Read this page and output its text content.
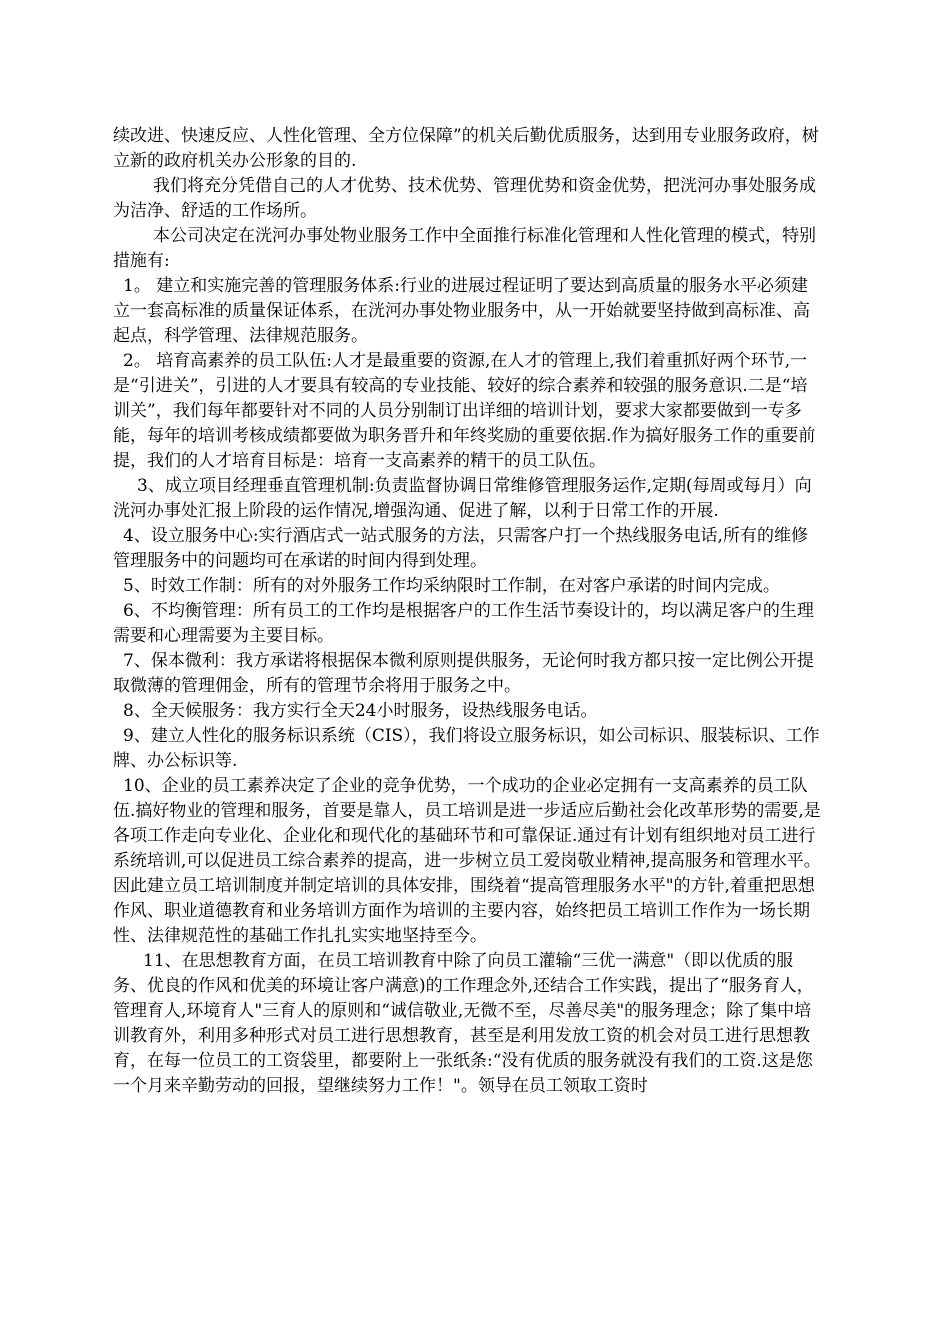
续改进、快速反应、人性化管理、全方位保障”的机关后勤优质服务，达到用专业服务政府，树立新的政府机关办公形象的目的.

我们将充分凭借自己的人才优势、技术优势、管理优势和资金优势，把洸河办事处服务成为洁净、舒适的工作场所。

本公司决定在洸河办事处物业服务工作中全面推行标准化管理和人性化管理的模式，特别措施有:

1。 建立和实施完善的管理服务体系:行业的进展过程证明了要达到高质量的服务水平必须建立一套高标准的质量保证体系，在洸河办事处物业服务中，从一开始就要坚持做到高标准、高起点，科学管理、法律规范服务。

2。 培育高素养的员工队伍:人才是最重要的资源,在人才的管理上,我们着重抓好两个环节,一是“引进关”，引进的人才要具有较高的专业技能、较好的综合素养和较强的服务意识.二是“培训关”，我们每年都要针对不同的人员分别制订出详细的培训计划，要求大家都要做到一专多能，每年的培训考核成绩都要做为职务晋升和年终奖励的重要依据.作为搞好服务工作的重要前提，我们的人才培育目标是：培育一支高素养的精干的员工队伍。

3、成立项目经理垂直管理机制:负责监督协调日常维修管理服务运作,定期(每周或每月）向洸河办事处汇报上阶段的运作情况,增强沟通、促进了解，以利于日常工作的开展.

4、设立服务中心:实行酒店式一站式服务的方法，只需客户打一个热线服务电话,所有的维修管理服务中的问题均可在承诺的时间内得到处理。

5、时效工作制：所有的对外服务工作均采纳限时工作制，在对客户承诺的时间内完成。

6、不均衡管理：所有员工的工作均是根据客户的工作生活节奏设计的，均以满足客户的生理需要和心理需要为主要目标。

7、保本微利：我方承诺将根据保本微利原则提供服务，无论何时我方都只按一定比例公开提取微薄的管理佣金，所有的管理节余将用于服务之中。

8、全天候服务：我方实行全天24小时服务，设热线服务电话。

9、建立人性化的服务标识系统（CIS），我们将设立服务标识，如公司标识、服装标识、工作牌、办公标识等.

10、企业的员工素养决定了企业的竞争优势，一个成功的企业必定拥有一支高素养的员工队伍.搞好物业的管理和服务，首要是靠人，员工培训是进一步适应后勤社会化改革形势的需要,是各项工作走向专业化、企业化和现代化的基础环节和可靠保证.通过有计划有组织地对员工进行系统培训,可以促进员工综合素养的提高，进一步树立员工爱岗敬业精神,提高服务和管理水平。因此建立员工培训制度并制定培训的具体安排，围绕着“提高管理服务水平"的方针,着重把思想作风、职业道德教育和业务培训方面作为培训的主要内容，始终把员工培训工作作为一场长期性、法律规范性的基础工作扎扎实实地坚持至今。

11、在思想教育方面，在员工培训教育中除了向员工灌输“三优一满意"（即以优质的服务、优良的作风和优美的环境让客户满意)的工作理念外,还结合工作实践，提出了“服务育人，管理育人,环境育人"三育人的原则和“诚信敬业,无微不至，尽善尽美"的服务理念；除了集中培训教育外，利用多种形式对员工进行思想教育，甚至是利用发放工资的机会对员工进行思想教育，在每一位员工的工资袋里，都要附上一张纸条:“没有优质的服务就没有我们的工资.这是您一个月来辛勤劳动的回报，望继续努力工作！"。领导在员工领取工资时
